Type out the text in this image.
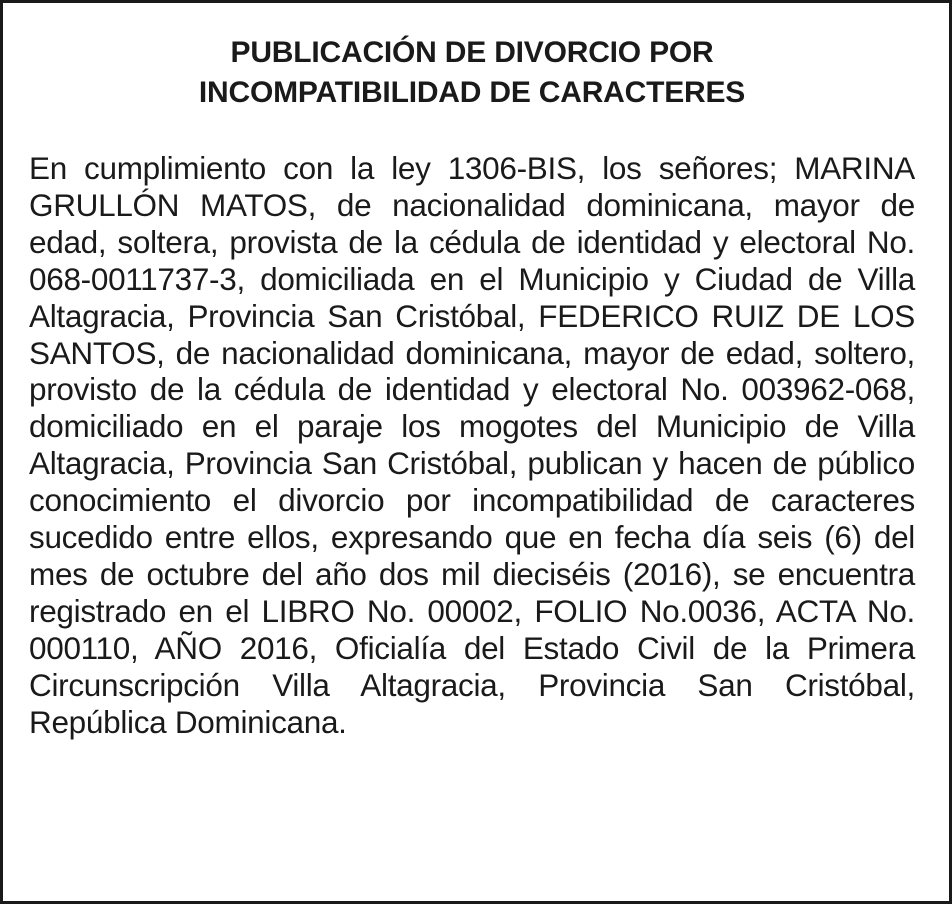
PUBLICACIÓN DE DIVORCIO POR
INCOMPATIBILIDAD DE CARACTERES

En cumplimiento con la ley 1306-BIS, los señores; MARINA GRULLÓN MATOS, de nacionalidad dominicana, mayor de edad, soltera, provista de la cédula de identidad y electoral No. 068-0011737-3, domiciliada en el Municipio y Ciudad de Villa Altagracia, Provincia San Cristóbal, FEDERICO RUIZ DE LOS SANTOS, de nacionalidad dominicana, mayor de edad, soltero, provisto de la cédula de identidad y electoral No. 003962-068, domiciliado en el paraje los mogotes del Municipio de Villa Altagracia, Provincia San Cristóbal, publican y hacen de público conocimiento el divorcio por incompatibilidad de caracteres sucedido entre ellos, expresando que en fecha día seis (6) del mes de octubre del año dos mil dieciséis (2016), se encuentra registrado en el LIBRO No. 00002, FOLIO No.0036, ACTA No. 000110, AÑO 2016, Oficialía del Estado Civil de la Primera Circunscripción Villa Altagracia, Provincia San Cristóbal, República Dominicana.
